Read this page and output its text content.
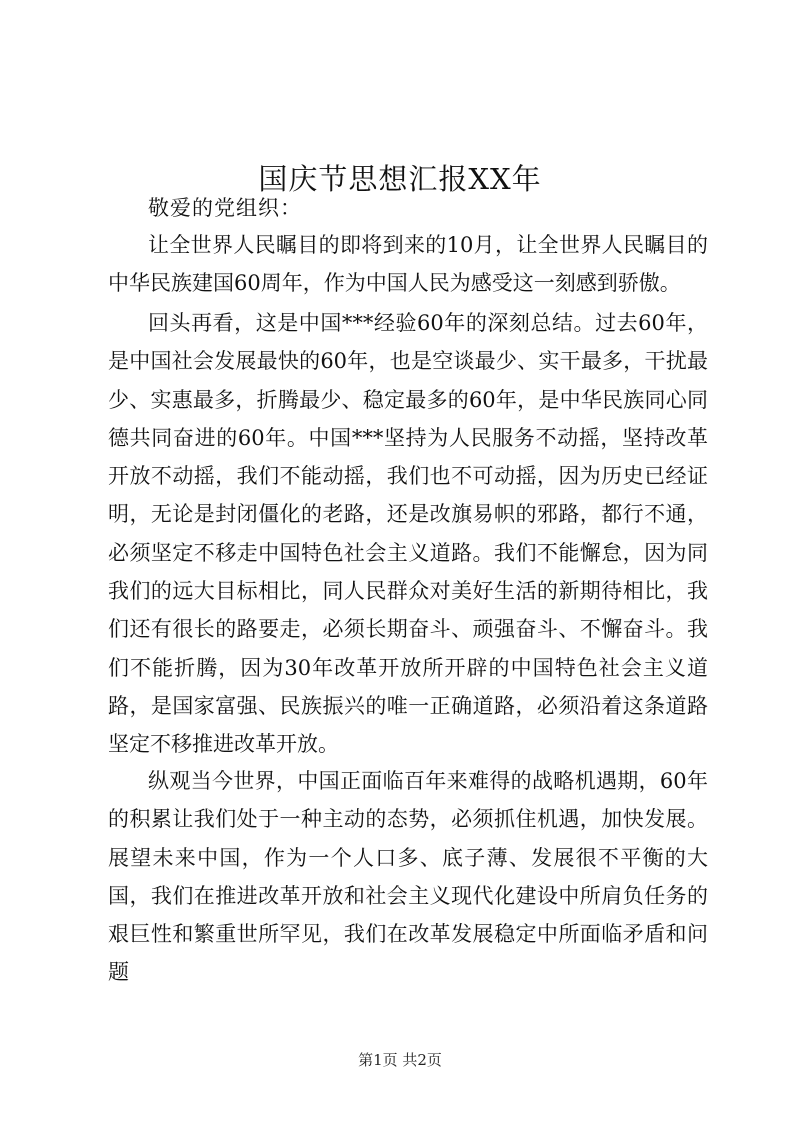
国庆节思想汇报XX年
敬爱的党组织：

让全世界人民瞩目的即将到来的10月，让全世界人民瞩目的中华民族建国60周年，作为中国人民为感受这一刻感到骄傲。

回头再看，这是中国***经验60年的深刻总结。过去60年，是中国社会发展最快的60年，也是空谈最少、实干最多，干扰最少、实惠最多，折腾最少、稳定最多的60年，是中华民族同心同德共同奋进的60年。中国***坚持为人民服务不动摇，坚持改革开放不动摇，我们不能动摇，我们也不可动摇，因为历史已经证明，无论是封闭僵化的老路，还是改旗易帜的邪路，都行不通，必须坚定不移走中国特色社会主义道路。我们不能懈怠，因为同我们的远大目标相比，同人民群众对美好生活的新期待相比，我们还有很长的路要走，必须长期奋斗、顽强奋斗、不懈奋斗。我们不能折腾，因为30年改革开放所开辟的中国特色社会主义道路，是国家富强、民族振兴的唯一正确道路，必须沿着这条道路坚定不移推进改革开放。

纵观当今世界，中国正面临百年来难得的战略机遇期，60年的积累让我们处于一种主动的态势，必须抓住机遇，加快发展。展望未来中国，作为一个人口多、底子薄、发展很不平衡的大国，我们在推进改革开放和社会主义现代化建设中所肩负任务的艰巨性和繁重世所罕见，我们在改革发展稳定中所面临矛盾和问题

第1页 共2页
